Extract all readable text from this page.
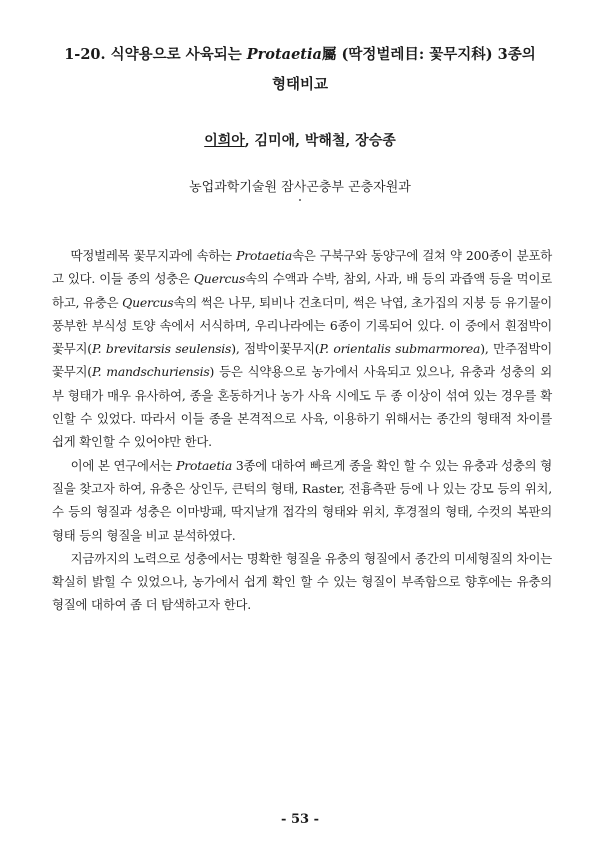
1-20. 식약용으로 사육되는 Protaetia屬 (딱정벌레目: 꽃무지科) 3종의
형태비교
이희아, 김미애, 박해철, 장승종
농업과학기술원 잠사곤충부 곤충자원과

딱정벌레목 꽃무지과에 속하는 Protaetia속은 구북구와 동양구에 걸쳐 약 200종이 분포하고 있다. 이들 종의 성충은 Quercus속의 수액과 수박, 참외, 사과, 배 등의 과즙액 등을 먹이로 하고, 유충은 Quercus속의 썩은 나무, 퇴비나 건초더미, 썩은 낙엽, 초가집의 지붕 등 유기물이 풍부한 부식성 토양 속에서 서식하며, 우리나라에는 6종이 기록되어 있다. 이 중에서 흰점박이꽃무지(P. brevitarsis seulensis), 점박이꽃무지(P. orientalis submarmorea), 만주점박이꽃무지(P. mandschuriensis) 등은 식약용으로 농가에서 사육되고 있으나, 유충과 성충의 외부 형태가 매우 유사하여, 종을 혼동하거나 농가 사육 시에도 두 종 이상이 섞여 있는 경우를 확인할 수 있었다. 따라서 이들 종을 본격적으로 사육, 이용하기 위해서는 종간의 형태적 차이를 쉽게 확인할 수 있어야만 한다.

이에 본 연구에서는 Protaetia 3종에 대하여 빠르게 종을 확인 할 수 있는 유충과 성충의 형질을 찾고자 하여, 유충은 상인두, 큰턱의 형태, Raster, 전흉측판 등에 나 있는 강모 등의 위치, 수 등의 형질과 성충은 이마방패, 딱지날개 접각의 형태와 위치, 후경절의 형태, 수컷의 복판의 형태 등의 형질을 비교 분석하였다.

지금까지의 노력으로 성충에서는 명확한 형질을 유충의 형질에서 종간의 미세형질의 차이는 확실히 밝힐 수 있었으나, 농가에서 쉽게 확인 할 수 있는 형질이 부족함으로 향후에는 유충의 형질에 대하여 좀 더 탐색하고자 한다.

- 53 -
